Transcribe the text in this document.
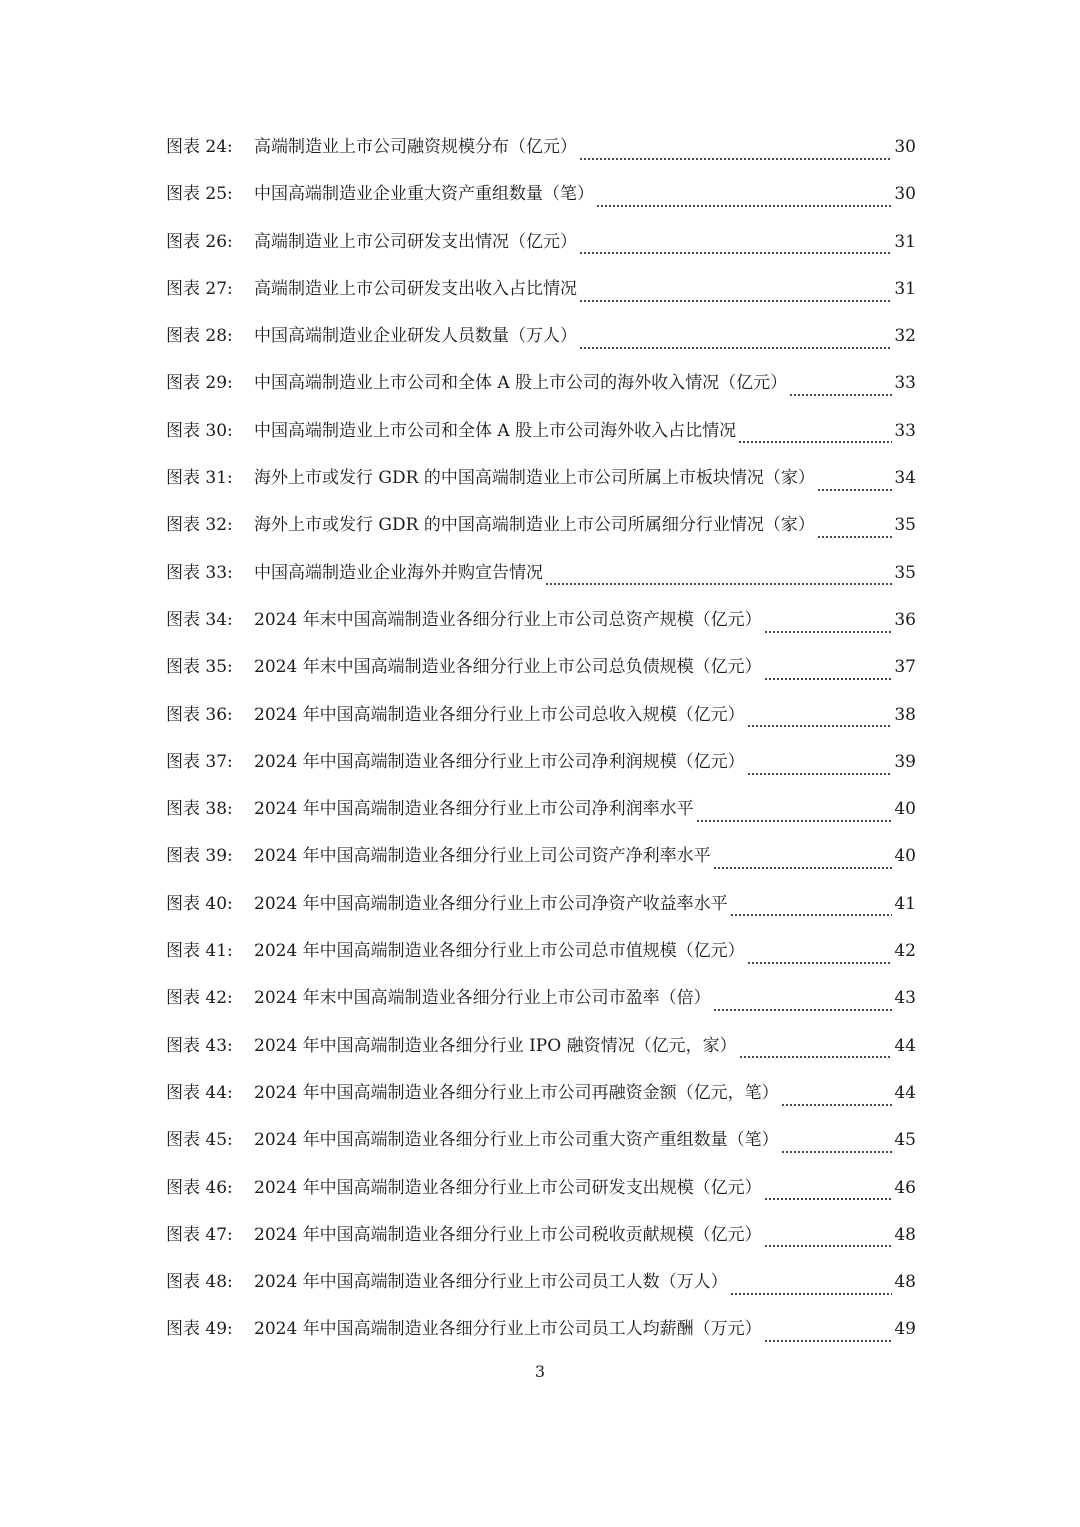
图表 24:	高端制造业上市公司融资规模分布（亿元）	30
图表 25:	中国高端制造业企业重大资产重组数量（笔）	30
图表 26:	高端制造业上市公司研发支出情况（亿元）	31
图表 27:	高端制造业上市公司研发支出收入占比情况	31
图表 28:	中国高端制造业企业研发人员数量（万人）	32
图表 29:	中国高端制造业上市公司和全体 A 股上市公司的海外收入情况（亿元）	33
图表 30:	中国高端制造业上市公司和全体 A 股上市公司海外收入占比情况	33
图表 31:	海外上市或发行 GDR 的中国高端制造业上市公司所属上市板块情况（家）	34
图表 32:	海外上市或发行 GDR 的中国高端制造业上市公司所属细分行业情况（家）	35
图表 33:	中国高端制造业企业海外并购宣告情况	35
图表 34:	2024 年末中国高端制造业各细分行业上市公司总资产规模（亿元）	36
图表 35:	2024 年末中国高端制造业各细分行业上市公司总负债规模（亿元）	37
图表 36:	2024 年中国高端制造业各细分行业上市公司总收入规模（亿元）	38
图表 37:	2024 年中国高端制造业各细分行业上市公司净利润规模（亿元）	39
图表 38:	2024 年中国高端制造业各细分行业上市公司净利润率水平	40
图表 39:	2024 年中国高端制造业各细分行业上司公司资产净利率水平	40
图表 40:	2024 年中国高端制造业各细分行业上市公司净资产收益率水平	41
图表 41:	2024 年中国高端制造业各细分行业上市公司总市值规模（亿元）	42
图表 42:	2024 年末中国高端制造业各细分行业上市公司市盈率（倍）	43
图表 43:	2024 年中国高端制造业各细分行业 IPO 融资情况（亿元，家）	44
图表 44:	2024 年中国高端制造业各细分行业上市公司再融资金额（亿元，笔）	44
图表 45:	2024 年中国高端制造业各细分行业上市公司重大资产重组数量（笔）	45
图表 46:	2024 年中国高端制造业各细分行业上市公司研发支出规模（亿元）	46
图表 47:	2024 年中国高端制造业各细分行业上市公司税收贡献规模（亿元）	48
图表 48:	2024 年中国高端制造业各细分行业上市公司员工人数（万人）	48
图表 49:	2024 年中国高端制造业各细分行业上市公司员工人均薪酬（万元）	49
3
